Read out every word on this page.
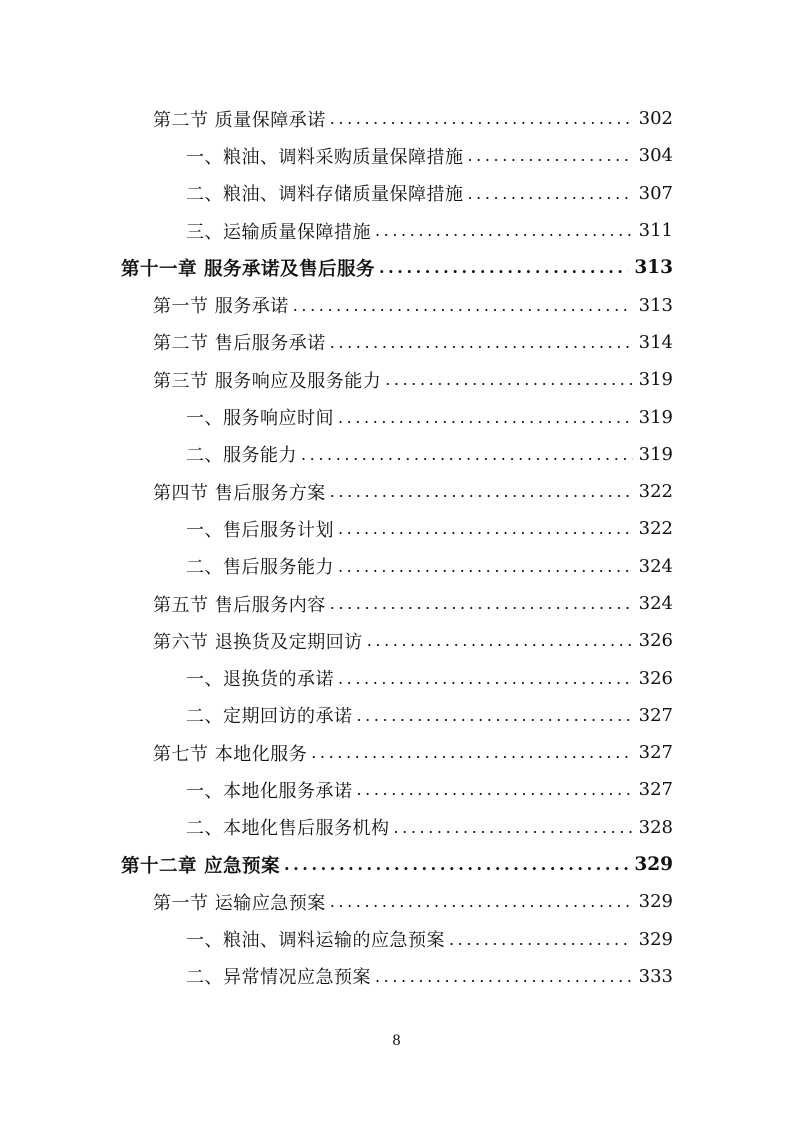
第二节 质量保障承诺 .....	302
一、粮油、调料采购质量保障措施 .....	304
二、粮油、调料存储质量保障措施 .....	307
三、运输质量保障措施 .....	311
第十一章 服务承诺及售后服务 .....	313
第一节 服务承诺 .....	313
第二节 售后服务承诺 .....	314
第三节 服务响应及服务能力 .....	319
一、服务响应时间 .....	319
二、服务能力 .....	319
第四节 售后服务方案 .....	322
一、售后服务计划 .....	322
二、售后服务能力 .....	324
第五节 售后服务内容 .....	324
第六节 退换货及定期回访 .....	326
一、退换货的承诺 .....	326
二、定期回访的承诺 .....	327
第七节 本地化服务 .....	327
一、本地化服务承诺 .....	327
二、本地化售后服务机构 .....	328
第十二章 应急预案 .....	329
第一节 运输应急预案 .....	329
一、粮油、调料运输的应急预案 .....	329
二、异常情况应急预案 .....	333
8
